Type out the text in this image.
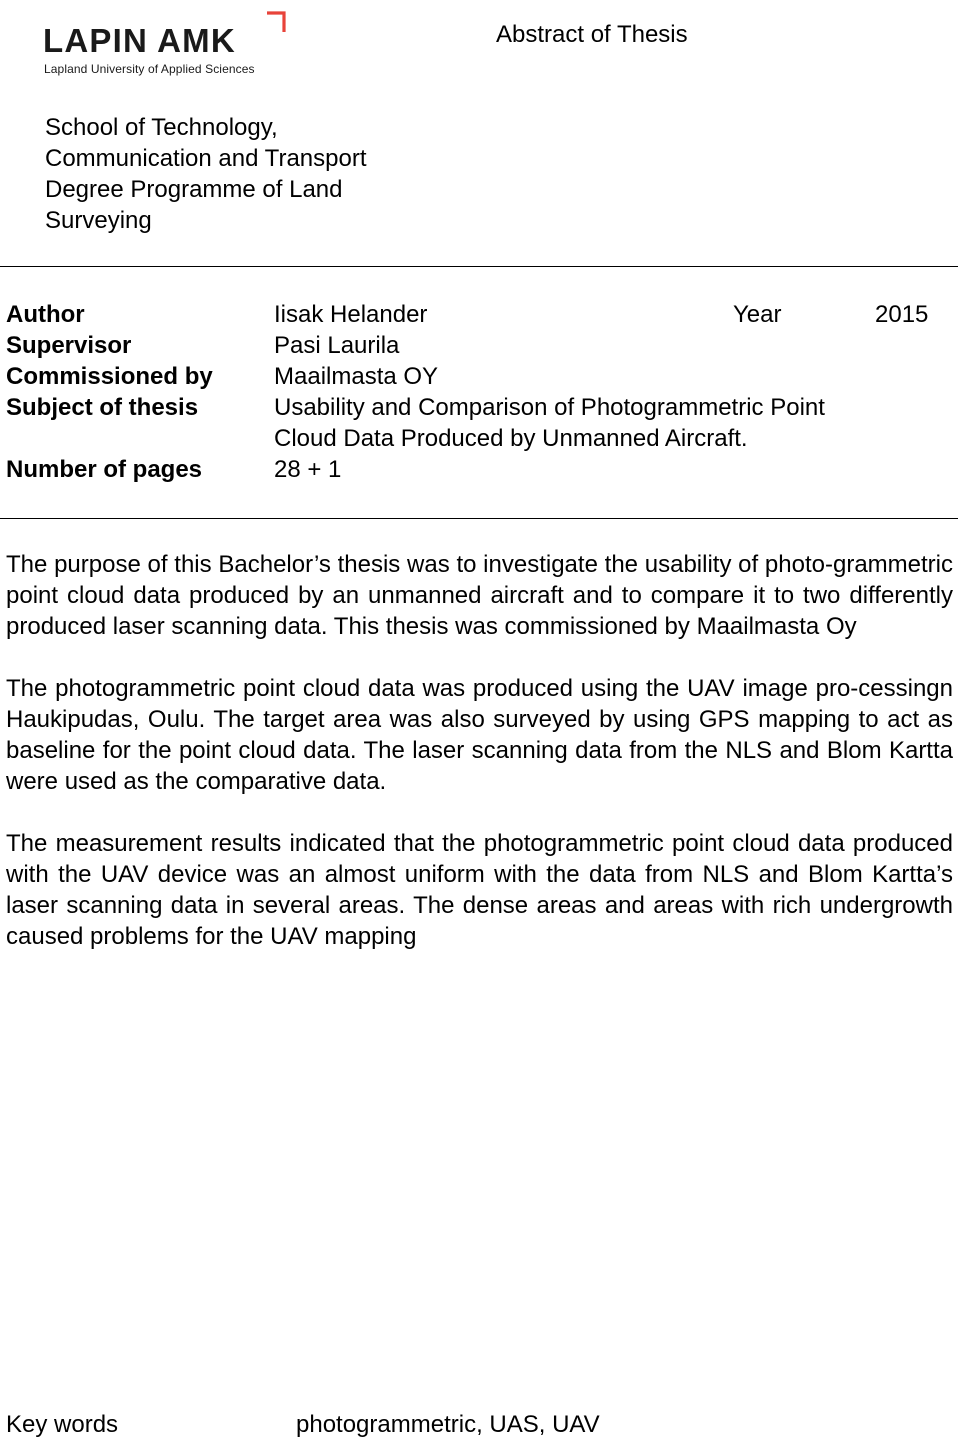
LAPIN AMK
Lapland University of Applied Sciences
Abstract of Thesis
School of Technology,
Communication and Transport
Degree Programme of Land
Surveying
Author	Iisak Helander	Year	2015
Supervisor	Pasi Laurila
Commissioned by	Maailmasta OY
Subject of thesis	Usability and Comparison of Photogrammetric Point
Cloud Data Produced by Unmanned Aircraft.
Number of pages	28 + 1

The purpose of this Bachelor’s thesis was to investigate the usability of photo-grammetric point cloud data produced by an unmanned aircraft and to compare it to two differently produced laser scanning data. This thesis was commissioned by Maailmasta Oy

The photogrammetric point cloud data was produced using the UAV image pro-cessingn Haukipudas, Oulu. The target area was also surveyed by using GPS mapping to act as baseline for the point cloud data. The laser scanning data from the NLS and Blom Kartta were used as the comparative data.

The measurement results indicated that the photogrammetric point cloud data produced with the UAV device was an almost uniform with the data from NLS and Blom Kartta’s laser scanning data in several areas. The dense areas and areas with rich undergrowth caused problems for the UAV mapping

Key words	photogrammetric, UAS, UAV
